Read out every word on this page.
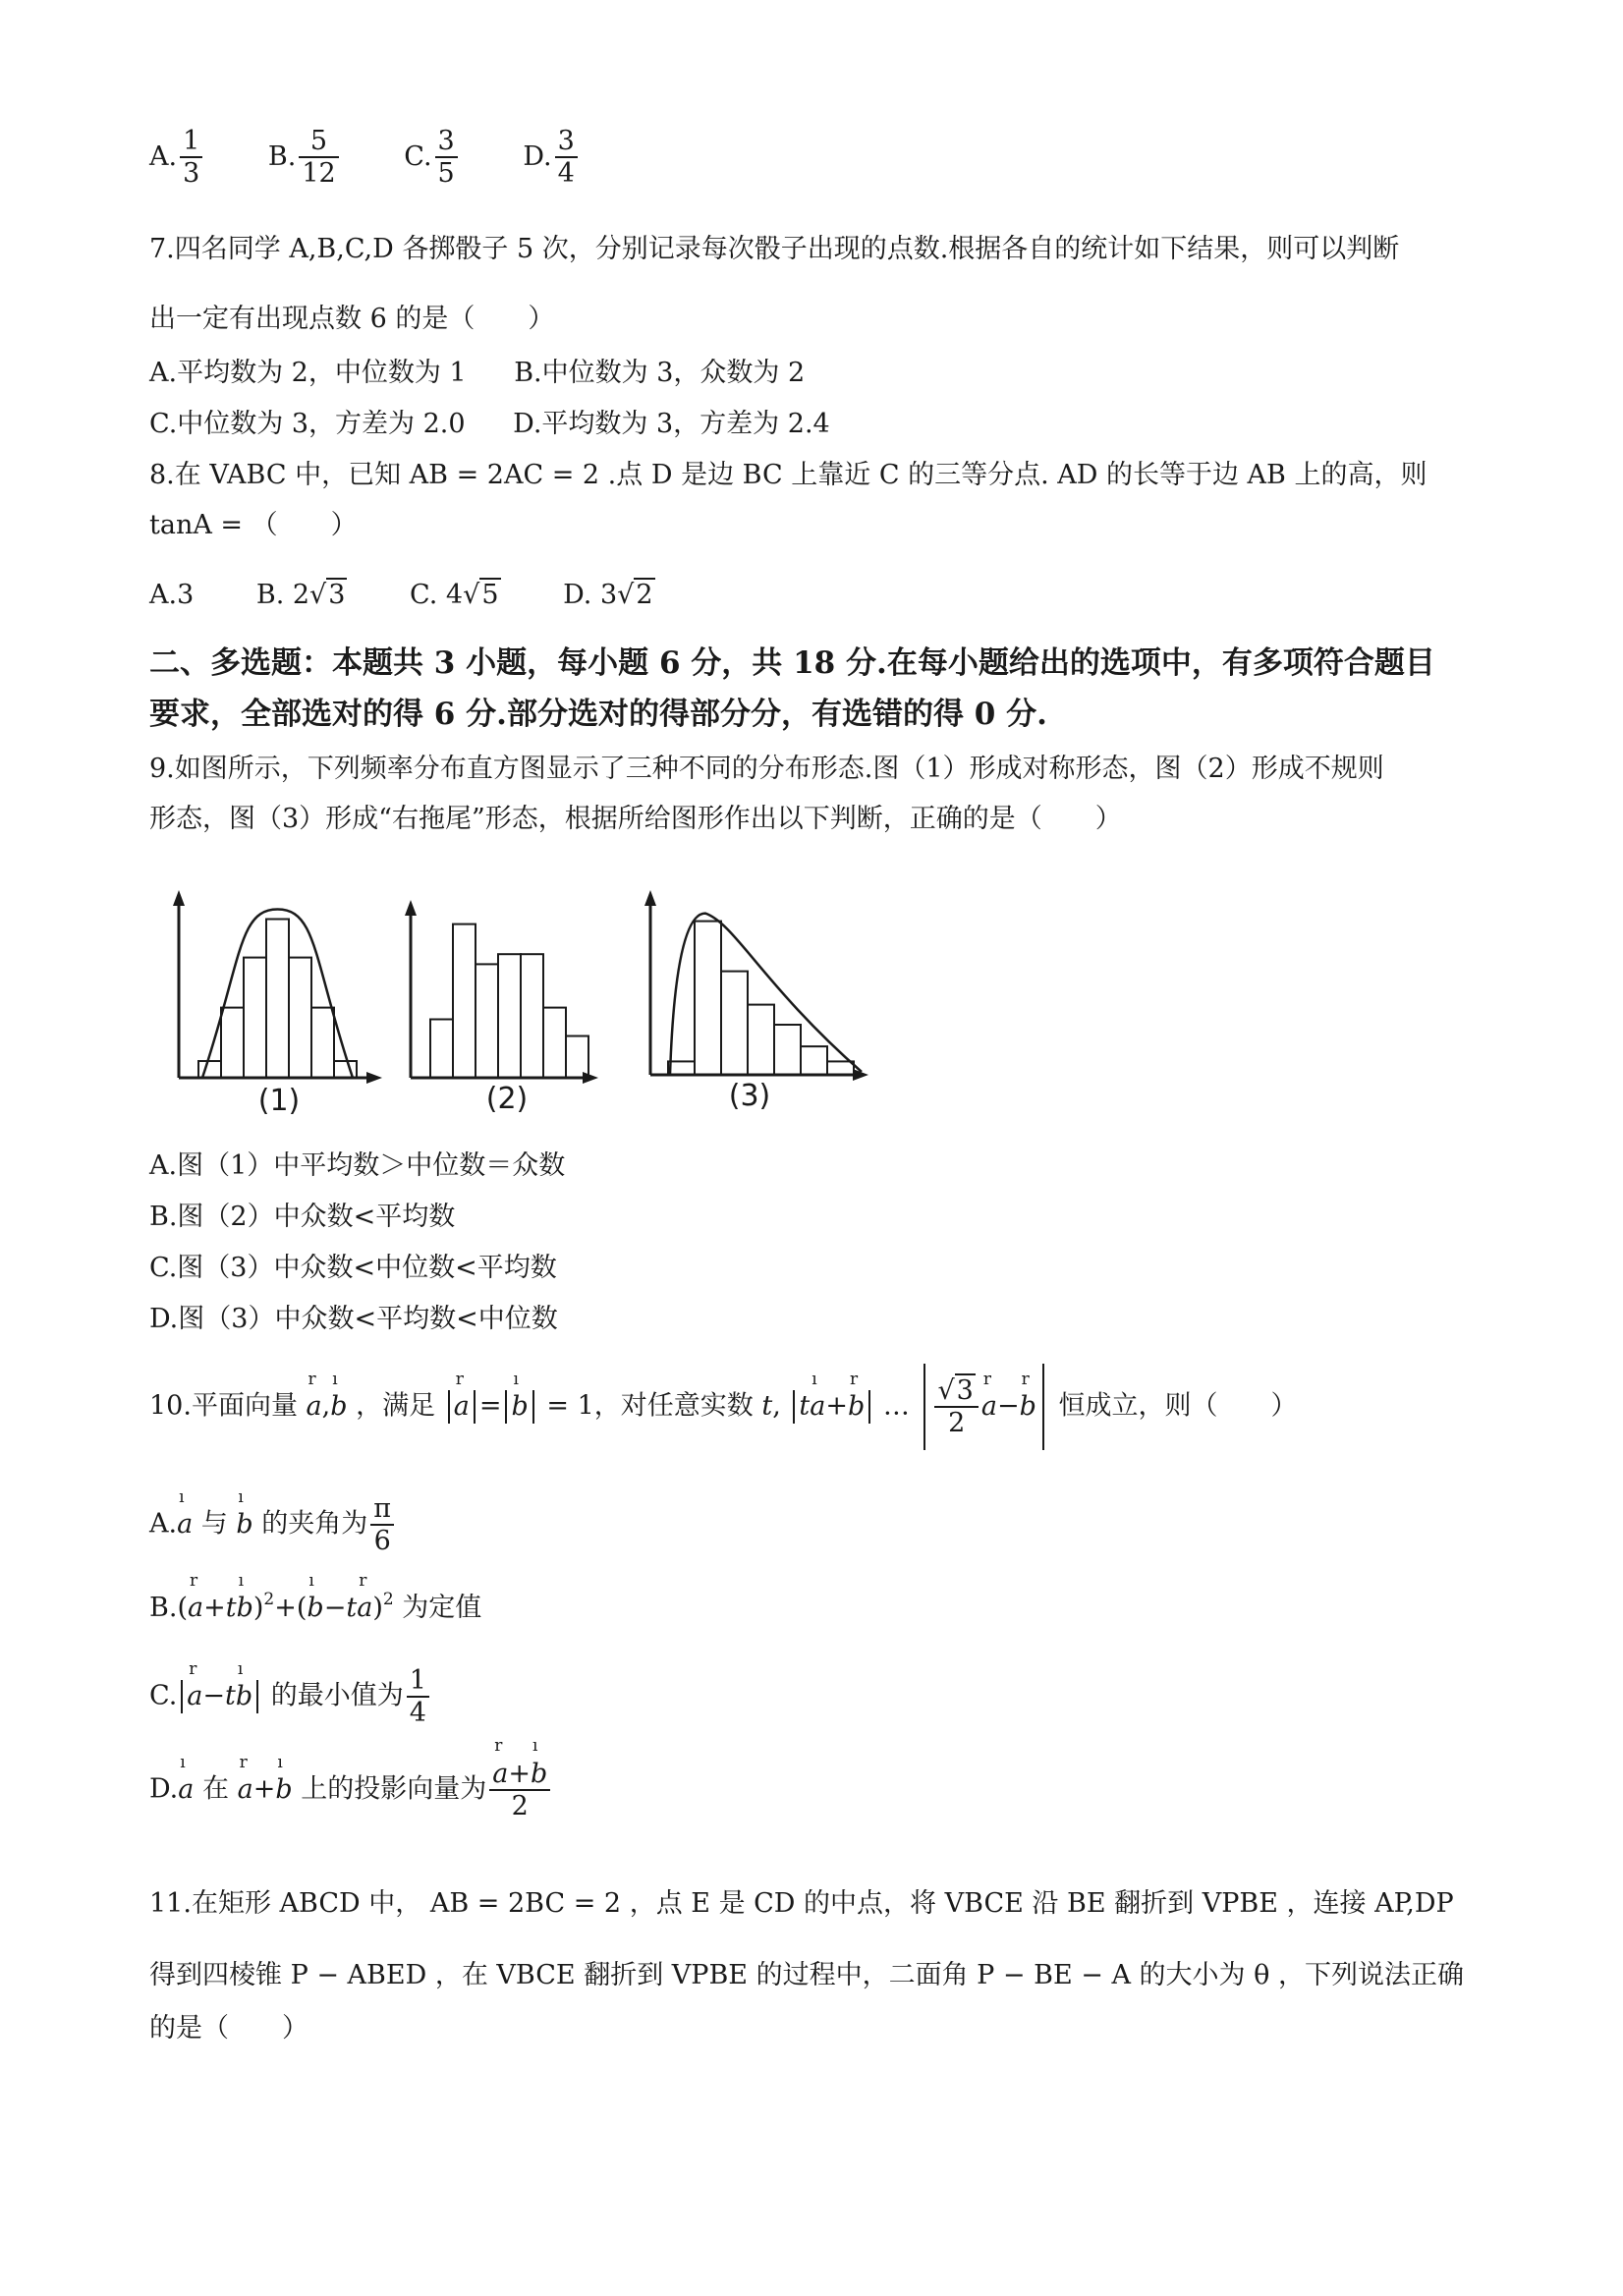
A. $\frac{1}{3} B$. $\frac{5}{12} C$. $\frac{3}{5} D$. $\frac{3}{4}$
7.四名同学 A,B,C,D 各掷骰子 5 次，分别记录每次骰子出现的点数.根据各自的统计如下结果，则可以判断
出一定有出现点数 6 的是（　　）
A.平均数为 2，中位数为 1 B.中位数为 3，众数为 2
C.中位数为 3，方差为 2.0 D.平均数为 3，方差为 2.4
8.在 VABC 中，已知 AB = 2AC = 2 .点 D 是边 BC 上靠近 C 的三等分点. AD 的长等于边 AB 上的高，则
tanA = （　　）
A.3 B. 2√3 C. 4√5 D. 3√2
二、多选题：本题共 3 小题，每小题 6 分，共 18 分.在每小题给出的选项中，有多项符合题目
要求，全部选对的得 6 分.部分选对的得部分分，有选错的得 0 分.
9.如图所示，下列频率分布直方图显示了三种不同的分布形态.图（1）形成对称形态，图（2）形成不规则
形态，图（3）形成“右拖尾”形态，根据所给图形作出以下判断，正确的是（　　）
(1)	(2)	(3)
A.图（1）中平均数＞中位数＝众数
B.图（2）中众数<平均数
C.图（3）中众数<中位数<平均数
D.图（3）中众数<平均数<中位数
10.平面向量
r
a,
ı
b ，满足
r
a =
ı
b = 1，对任意实数 t, t
ı
a+
r
b … $\frac{√3}{2}$ r
a−
r
b 恒成立，则（　　）
A.
ı
a 与
ı
b 的夹角为 $\frac{\pi}{6}$
B.(
r
a+t
ı
b)$^2$+(
ı
b−t
r
a)$^2$ 为定值
C.
r
a−t
ı
b 的最小值为 $\frac{1}{4}$
D.
ı
a 在
r
a+
ı
b 上的投影向量为 r
a+
ı
b
2
11.在矩形 ABCD 中， AB = 2BC = 2 ，点 E 是 CD 的中点，将 VBCE 沿 BE 翻折到 VPBE ，连接 AP,DP
得到四棱锥 P − ABED ，在 VBCE 翻折到 VPBE 的过程中，二面角 P − BE − A 的大小为 θ ，下列说法正确
的是（　　）
